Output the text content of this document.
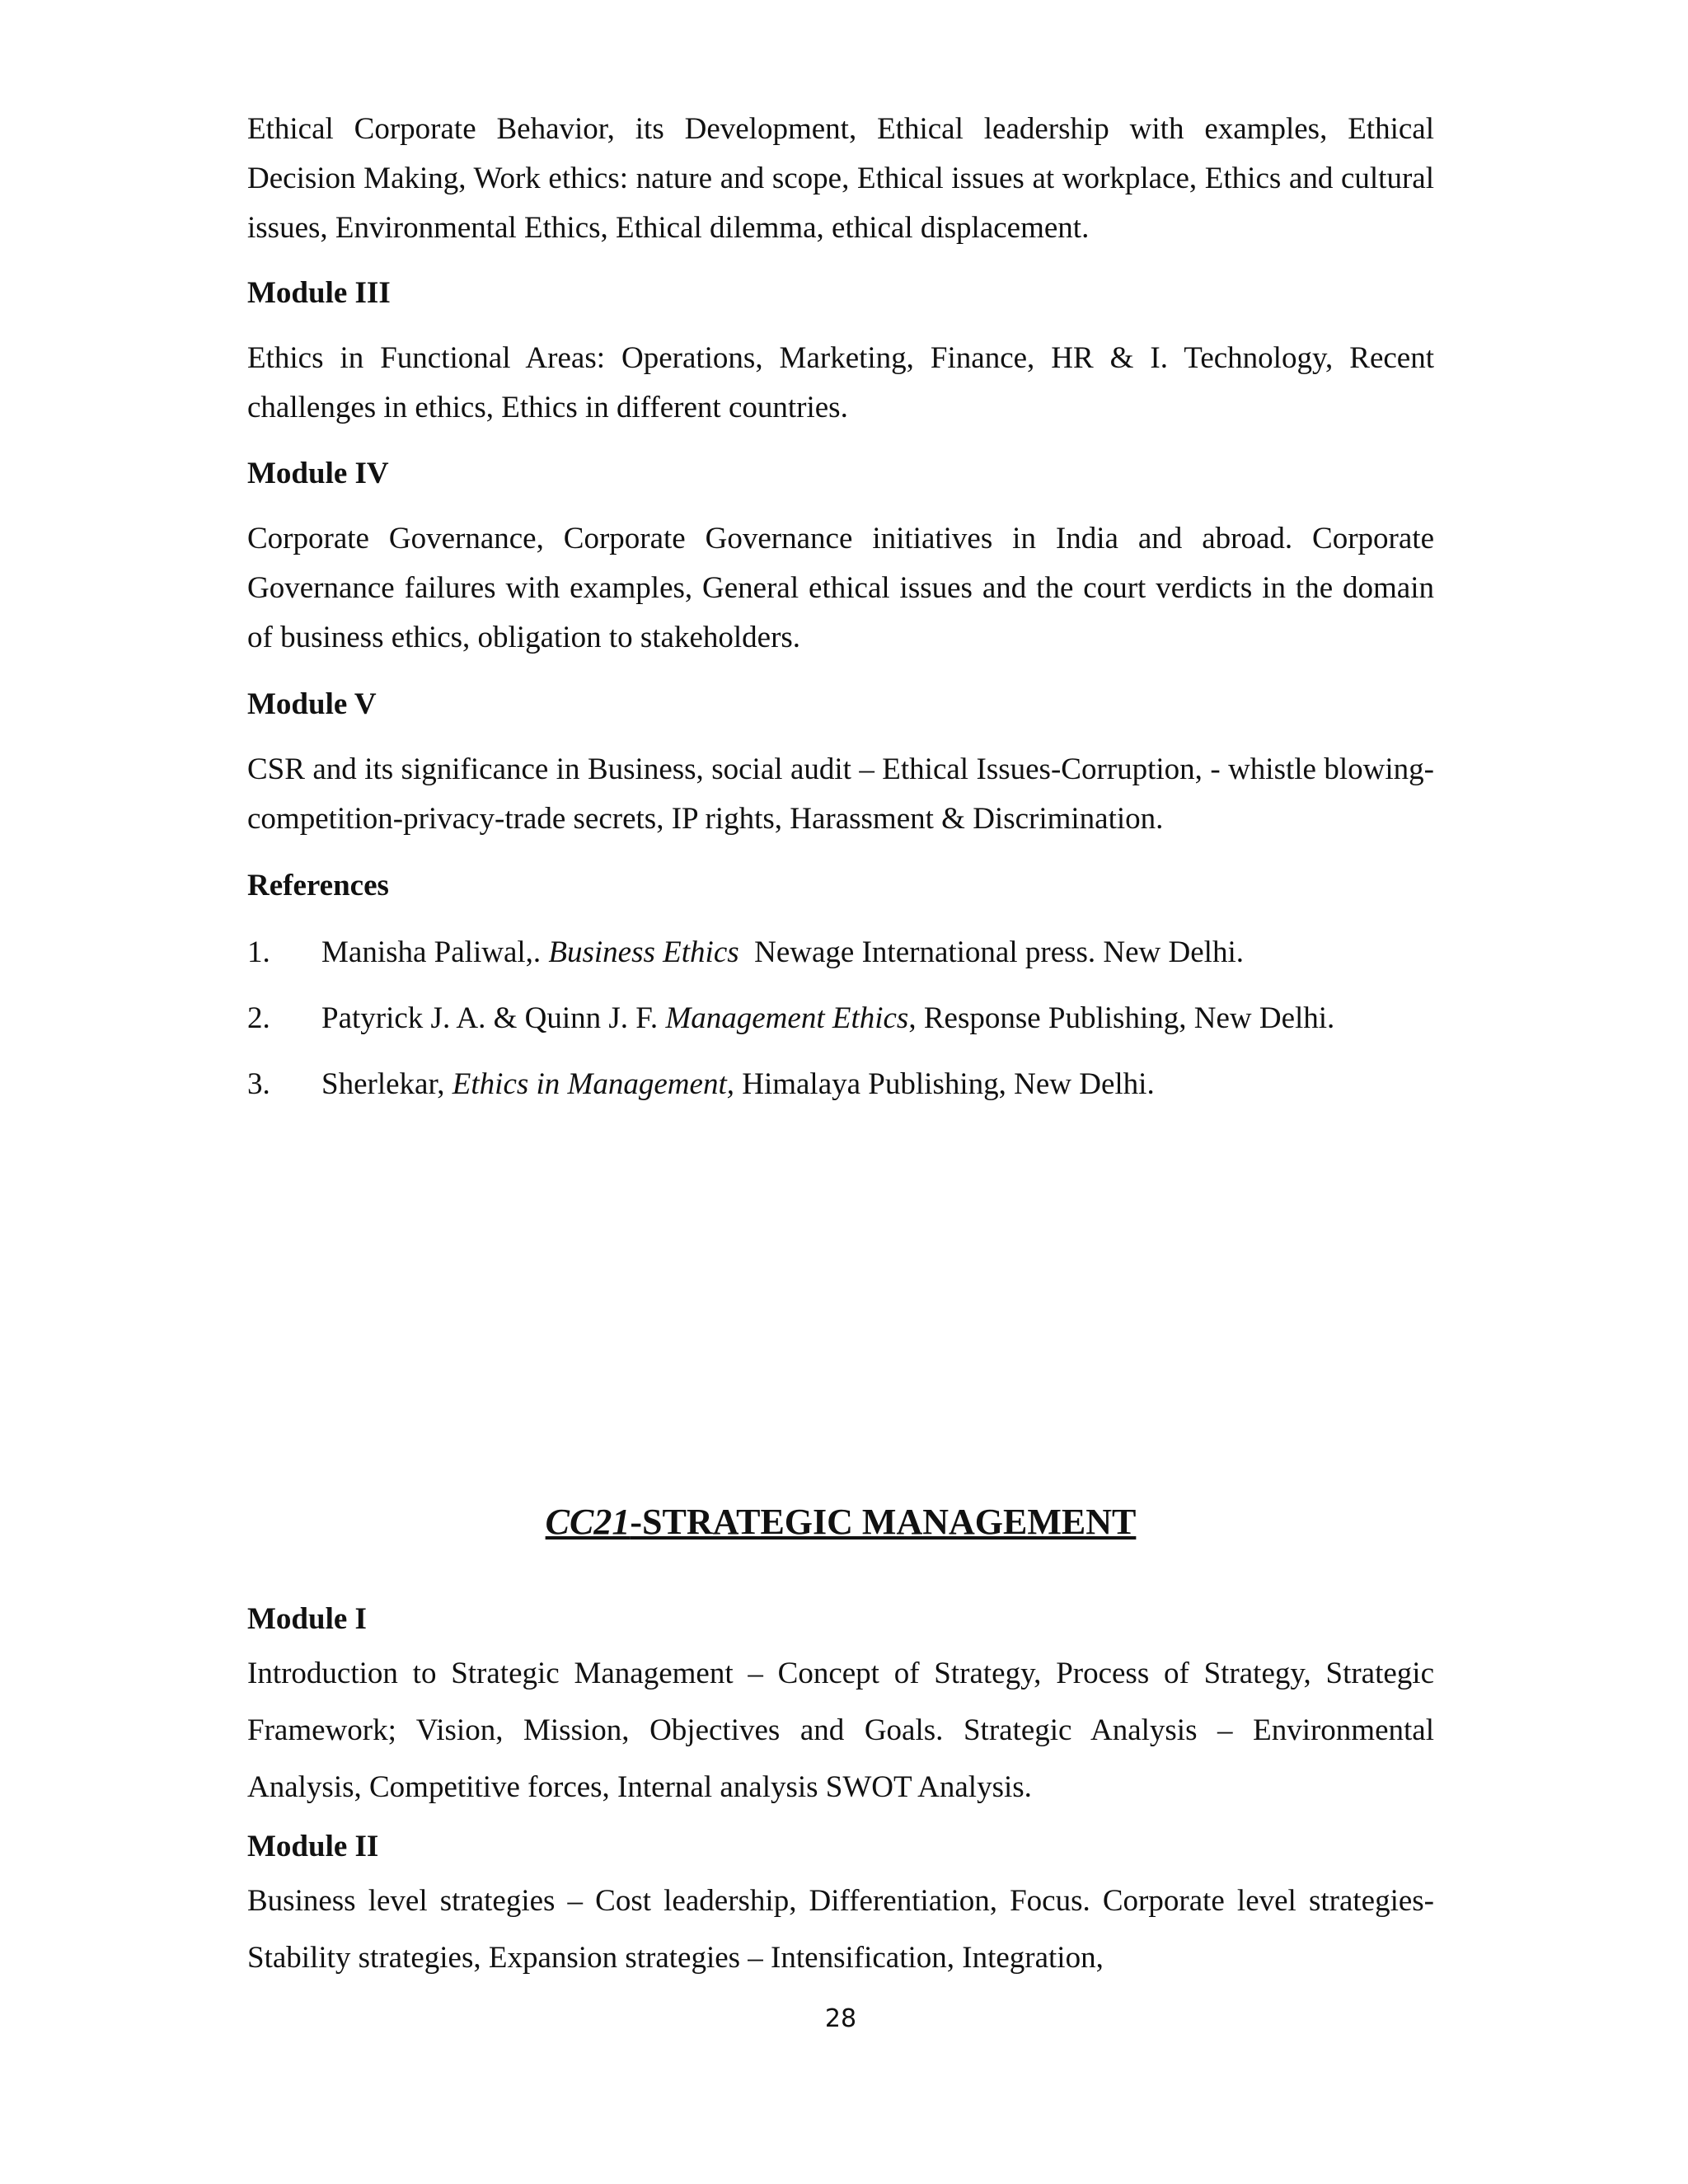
Ethical Corporate Behavior, its Development, Ethical leadership with examples, Ethical Decision Making, Work ethics: nature and scope, Ethical issues at workplace, Ethics and cultural issues, Environmental Ethics, Ethical dilemma, ethical displacement.

Module III

Ethics in Functional Areas: Operations, Marketing, Finance, HR & I. Technology, Recent challenges in ethics, Ethics in different countries.

Module IV

Corporate Governance, Corporate Governance initiatives in India and abroad. Corporate Governance failures with examples, General ethical issues and the court verdicts in the domain of business ethics, obligation to stakeholders.

Module V

CSR and its significance in Business, social audit – Ethical Issues-Corruption, - whistle blowing-competition-privacy-trade secrets, IP rights, Harassment & Discrimination.

References
1. Manisha Paliwal,. Business Ethics Newage International press. New Delhi.
2. Patyrick J. A. & Quinn J. F. Management Ethics, Response Publishing, New Delhi.
3. Sherlekar, Ethics in Management, Himalaya Publishing, New Delhi.
CC21-STRATEGIC MANAGEMENT
Module I

Introduction to Strategic Management – Concept of Strategy, Process of Strategy, Strategic Framework; Vision, Mission, Objectives and Goals. Strategic Analysis – Environmental Analysis, Competitive forces, Internal analysis SWOT Analysis.

Module II

Business level strategies – Cost leadership, Differentiation, Focus. Corporate level strategies- Stability strategies, Expansion strategies – Intensification, Integration,

28
